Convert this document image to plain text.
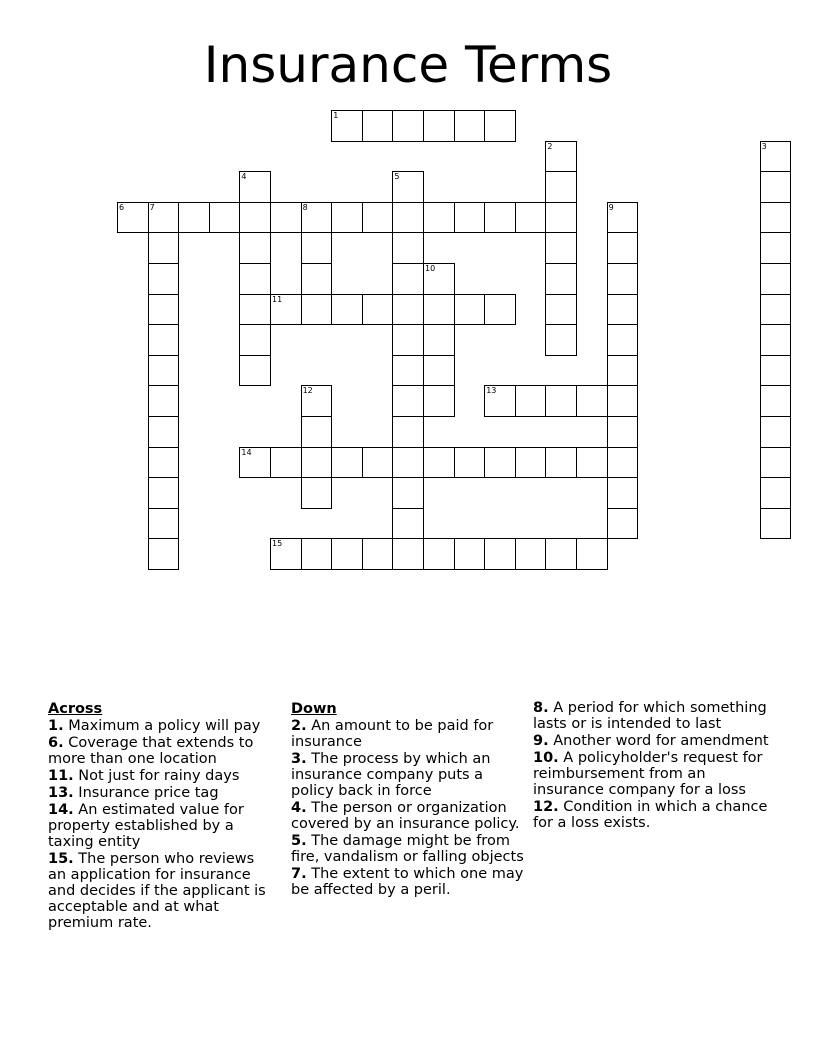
Insurance Terms
1
2	3
4	5
6	7	8	9
10
11
12	13
14
15
Across
1. Maximum a policy will pay
6. Coverage that extends to more than one location
11. Not just for rainy days
13. Insurance price tag
14. An estimated value for property established by a taxing entity
15. The person who reviews an application for insurance and decides if the applicant is acceptable and at what premium rate.
Down
2. An amount to be paid for insurance
3. The process by which an insurance company puts a policy back in force
4. The person or organization covered by an insurance policy.
5. The damage might be from fire, vandalism or falling objects
7. The extent to which one may be affected by a peril.
8. A period for which something lasts or is intended to last
9. Another word for amendment
10. A policyholder's request for reimbursement from an insurance company for a loss
12. Condition in which a chance for a loss exists.
